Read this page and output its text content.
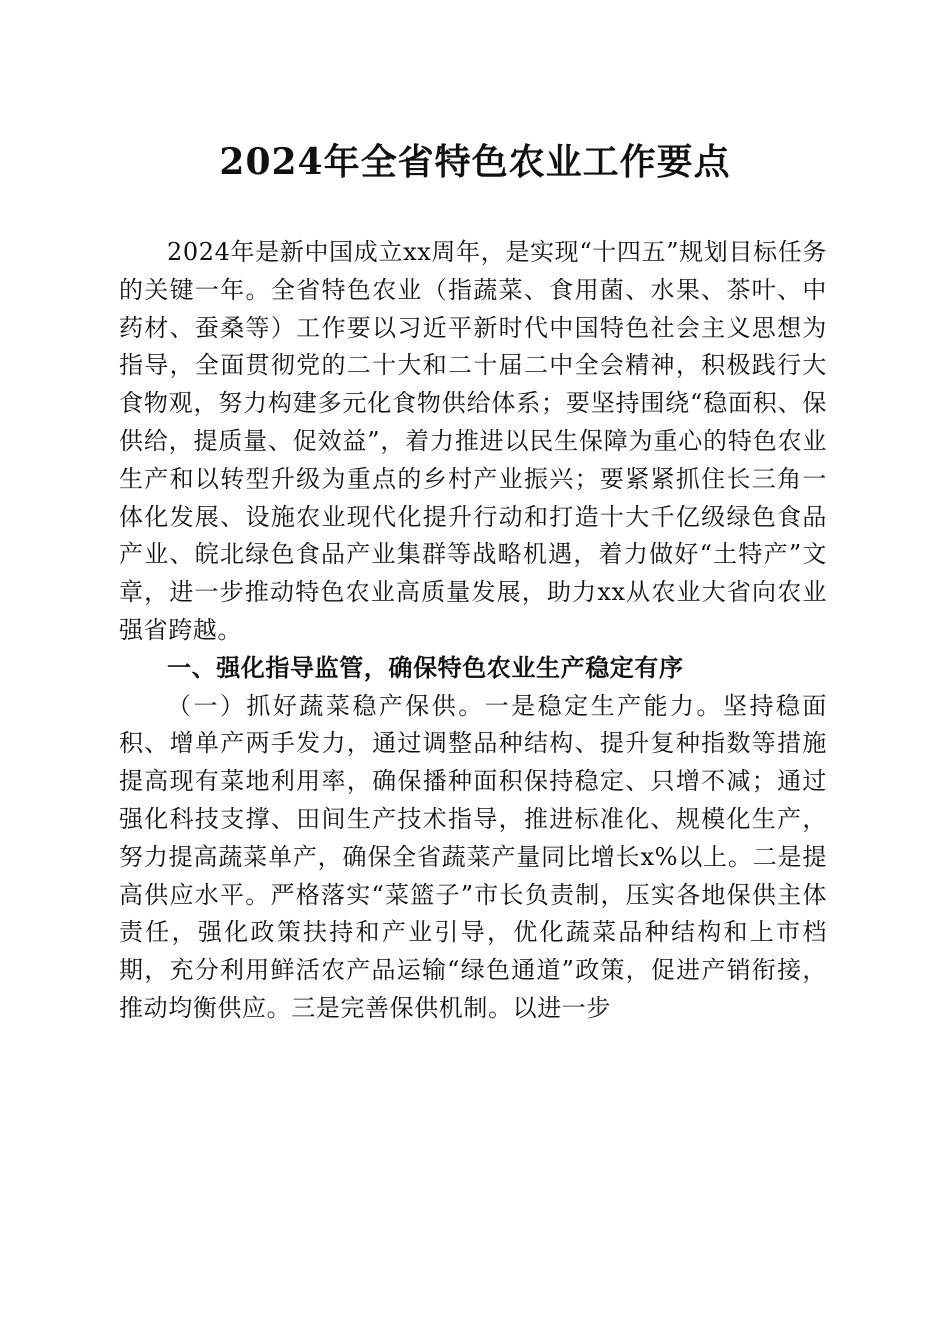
2024年全省特色农业工作要点

2024年是新中国成立xx周年，是实现“十四五”规划目标任务的关键一年。全省特色农业（指蔬菜、食用菌、水果、茶叶、中药材、蚕桑等）工作要以习近平新时代中国特色社会主义思想为指导，全面贯彻党的二十大和二十届二中全会精神，积极践行大食物观，努力构建多元化食物供给体系；要坚持围绕“稳面积、保供给，提质量、促效益”，着力推进以民生保障为重心的特色农业生产和以转型升级为重点的乡村产业振兴；要紧紧抓住长三角一体化发展、设施农业现代化提升行动和打造十大千亿级绿色食品产业、皖北绿色食品产业集群等战略机遇，着力做好“土特产”文章，进一步推动特色农业高质量发展，助力xx从农业大省向农业强省跨越。

一、强化指导监管，确保特色农业生产稳定有序

（一）抓好蔬菜稳产保供。一是稳定生产能力。坚持稳面积、增单产两手发力，通过调整品种结构、提升复种指数等措施提高现有菜地利用率，确保播种面积保持稳定、只增不减；通过强化科技支撑、田间生产技术指导，推进标准化、规模化生产，努力提高蔬菜单产，确保全省蔬菜产量同比增长x%以上。二是提高供应水平。严格落实“菜篮子”市长负责制，压实各地保供主体责任，强化政策扶持和产业引导，优化蔬菜品种结构和上市档期，充分利用鲜活农产品运输“绿色通道”政策，促进产销衔接，推动均衡供应。三是完善保供机制。以进一步
